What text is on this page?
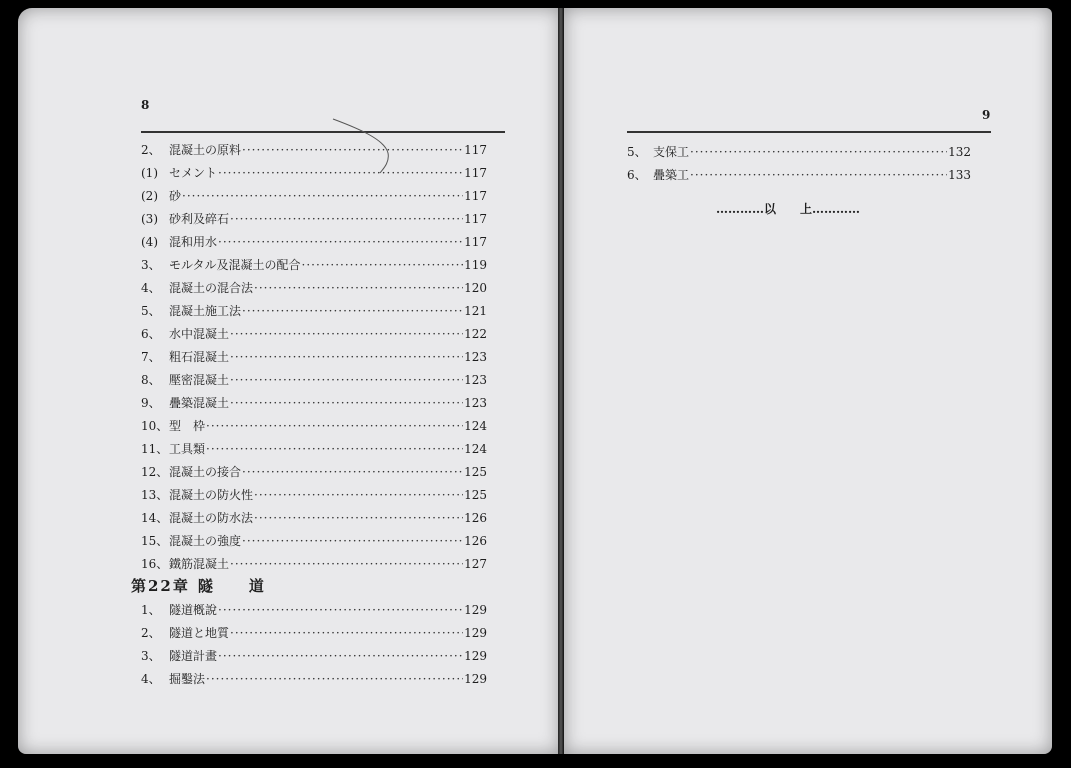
8
2、 混凝土の原料 ·····	117
(1) セメント ·····	117
(2) 砂 ·····	117
(3) 砂利及碎石 ·····	117
(4) 混和用水 ·····	117
3、 モルタル及混凝土の配合 ·····	119
4、 混凝土の混合法 ·····	120
5、 混凝土施工法 ·····	121
6、 水中混凝土 ·····	122
7、 粗石混凝土 ·····	123
8、 壓密混凝土 ·····	123
9、 疊築混凝土 ·····	123
10、 型　枠 ·····	124
11、 工具類 ·····	124
12、 混凝土の接合 ·····	125
13、 混凝土の防火性 ·····	125
14、 混凝土の防水法 ·····	126
15、 混凝土の強度 ·····	126
16、 鐵筋混凝土 ·····	127
第22章 隧　　道
1、 隧道槪說 ·····	129
2、 隧道と地質 ·····	129
3、 隧道計畫 ·····	129
4、 掘鑿法 ·····	129
9
5、 支保工 ·····	132
6、 疊築工 ·····	133
…………以　　上…………
